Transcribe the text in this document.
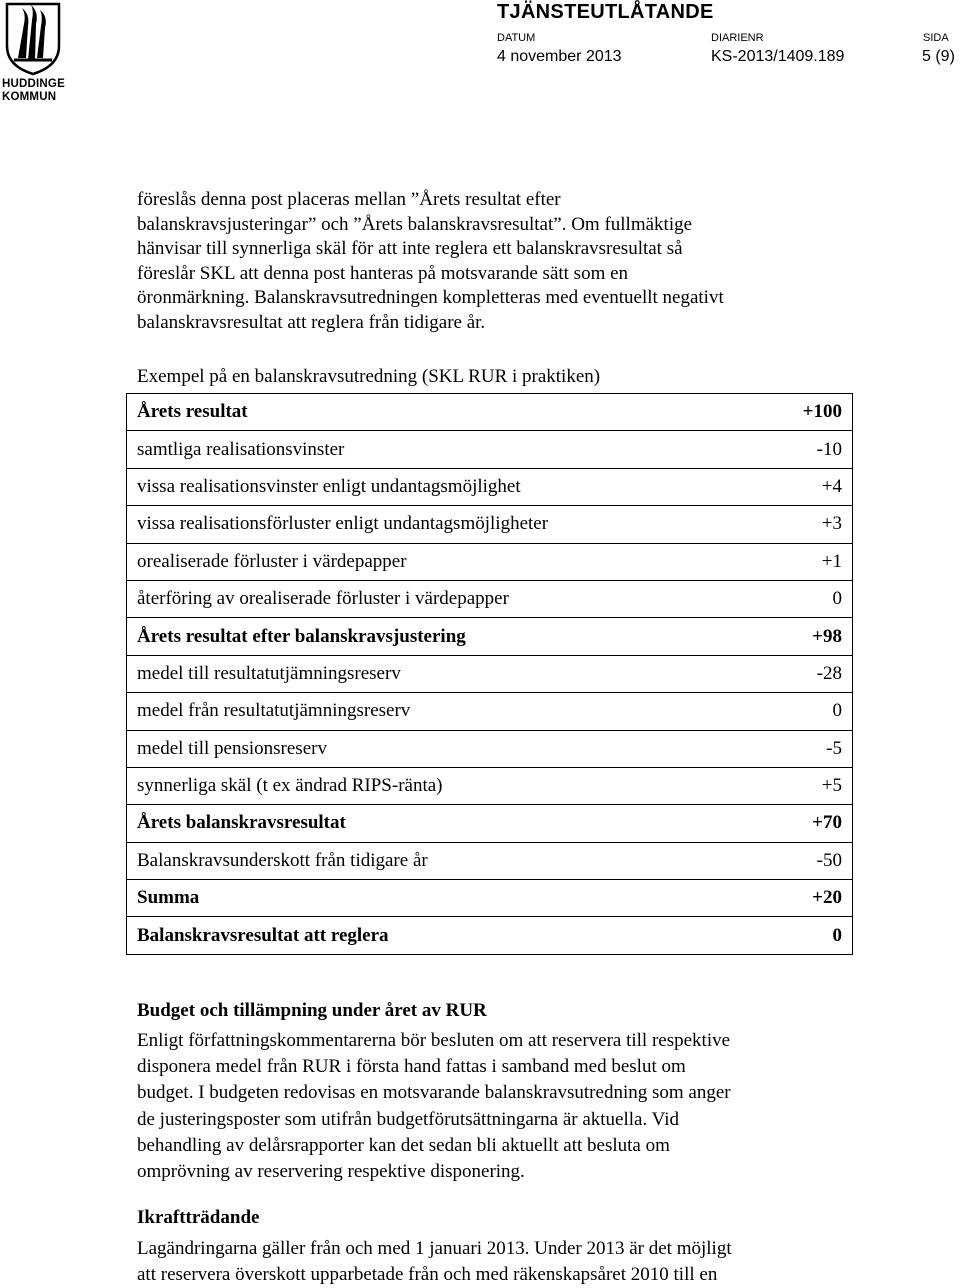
HUDDINGE
KOMMUN
TJÄNSTEUTLÅTANDE
DATUM
4 november 2013
DIARIENR
KS-2013/1409.189
SIDA
5 (9)

föreslås denna post placeras mellan ”Årets resultat efter

balanskravsjusteringar” och ”Årets balanskravsresultat”. Om fullmäktige

hänvisar till synnerliga skäl för att inte reglera ett balanskravsresultat så

föreslår SKL att denna post hanteras på motsvarande sätt som en

öronmärkning. Balanskravsutredningen kompletteras med eventuellt negativt

balanskravsresultat att reglera från tidigare år.

Exempel på en balanskravsutredning (SKL RUR i praktiken)
Årets resultat	+100
samtliga realisationsvinster	-10
vissa realisationsvinster enligt undantagsmöjlighet	+4
vissa realisationsförluster enligt undantagsmöjligheter	+3
orealiserade förluster i värdepapper	+1
återföring av orealiserade förluster i värdepapper	0
Årets resultat efter balanskravsjustering	+98
medel till resultatutjämningsreserv	-28
medel från resultatutjämningsreserv	0
medel till pensionsreserv	-5
synnerliga skäl (t ex ändrad RIPS-ränta)	+5
Årets balanskravsresultat	+70
Balanskravsunderskott från tidigare år	-50
Summa	+20
Balanskravsresultat att reglera	0
Budget och tillämpning under året av RUR
Enligt författningskommentarerna bör besluten om att reservera till respektive
disponera medel från RUR i första hand fattas i samband med beslut om
budget. I budgeten redovisas en motsvarande balanskravsutredning som anger
de justeringsposter som utifrån budgetförutsättningarna är aktuella. Vid
behandling av delårsrapporter kan det sedan bli aktuellt att besluta om
omprövning av reservering respektive disponering.
Ikraftträdande
Lagändringarna gäller från och med 1 januari 2013. Under 2013 är det möjligt
att reservera överskott upparbetade från och med räkenskapsåret 2010 till en
